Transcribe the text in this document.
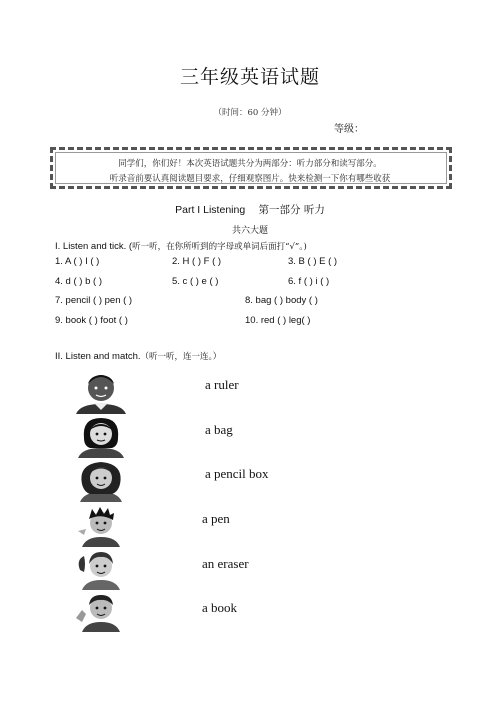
三年级英语试题
（时间：60 分钟）
等级：
同学们，你们好！本次英语试题共分为两部分：听力部分和读写部分。
听录音前要认真阅读题目要求，仔细观察图片。快来检测一下你有哪些收获
Part I Listening 第一部分 听力
共六大题
I. Listen and tick. (听一听，在你所听到的字母或单词后面打“√”。)
1. A ( ) I ( )	2. H ( ) F ( )	3. B ( ) E ( )
4. d ( ) b ( )	5. c ( ) e ( )	6. f ( ) i ( )
7. pencil ( ) pen ( )	8. bag ( ) body ( )
9. book ( ) foot ( )	10. red ( ) leg( )
II. Listen and match.（听一听，连一连。）
a ruler
a bag
a pencil box
a pen
an eraser
a book
